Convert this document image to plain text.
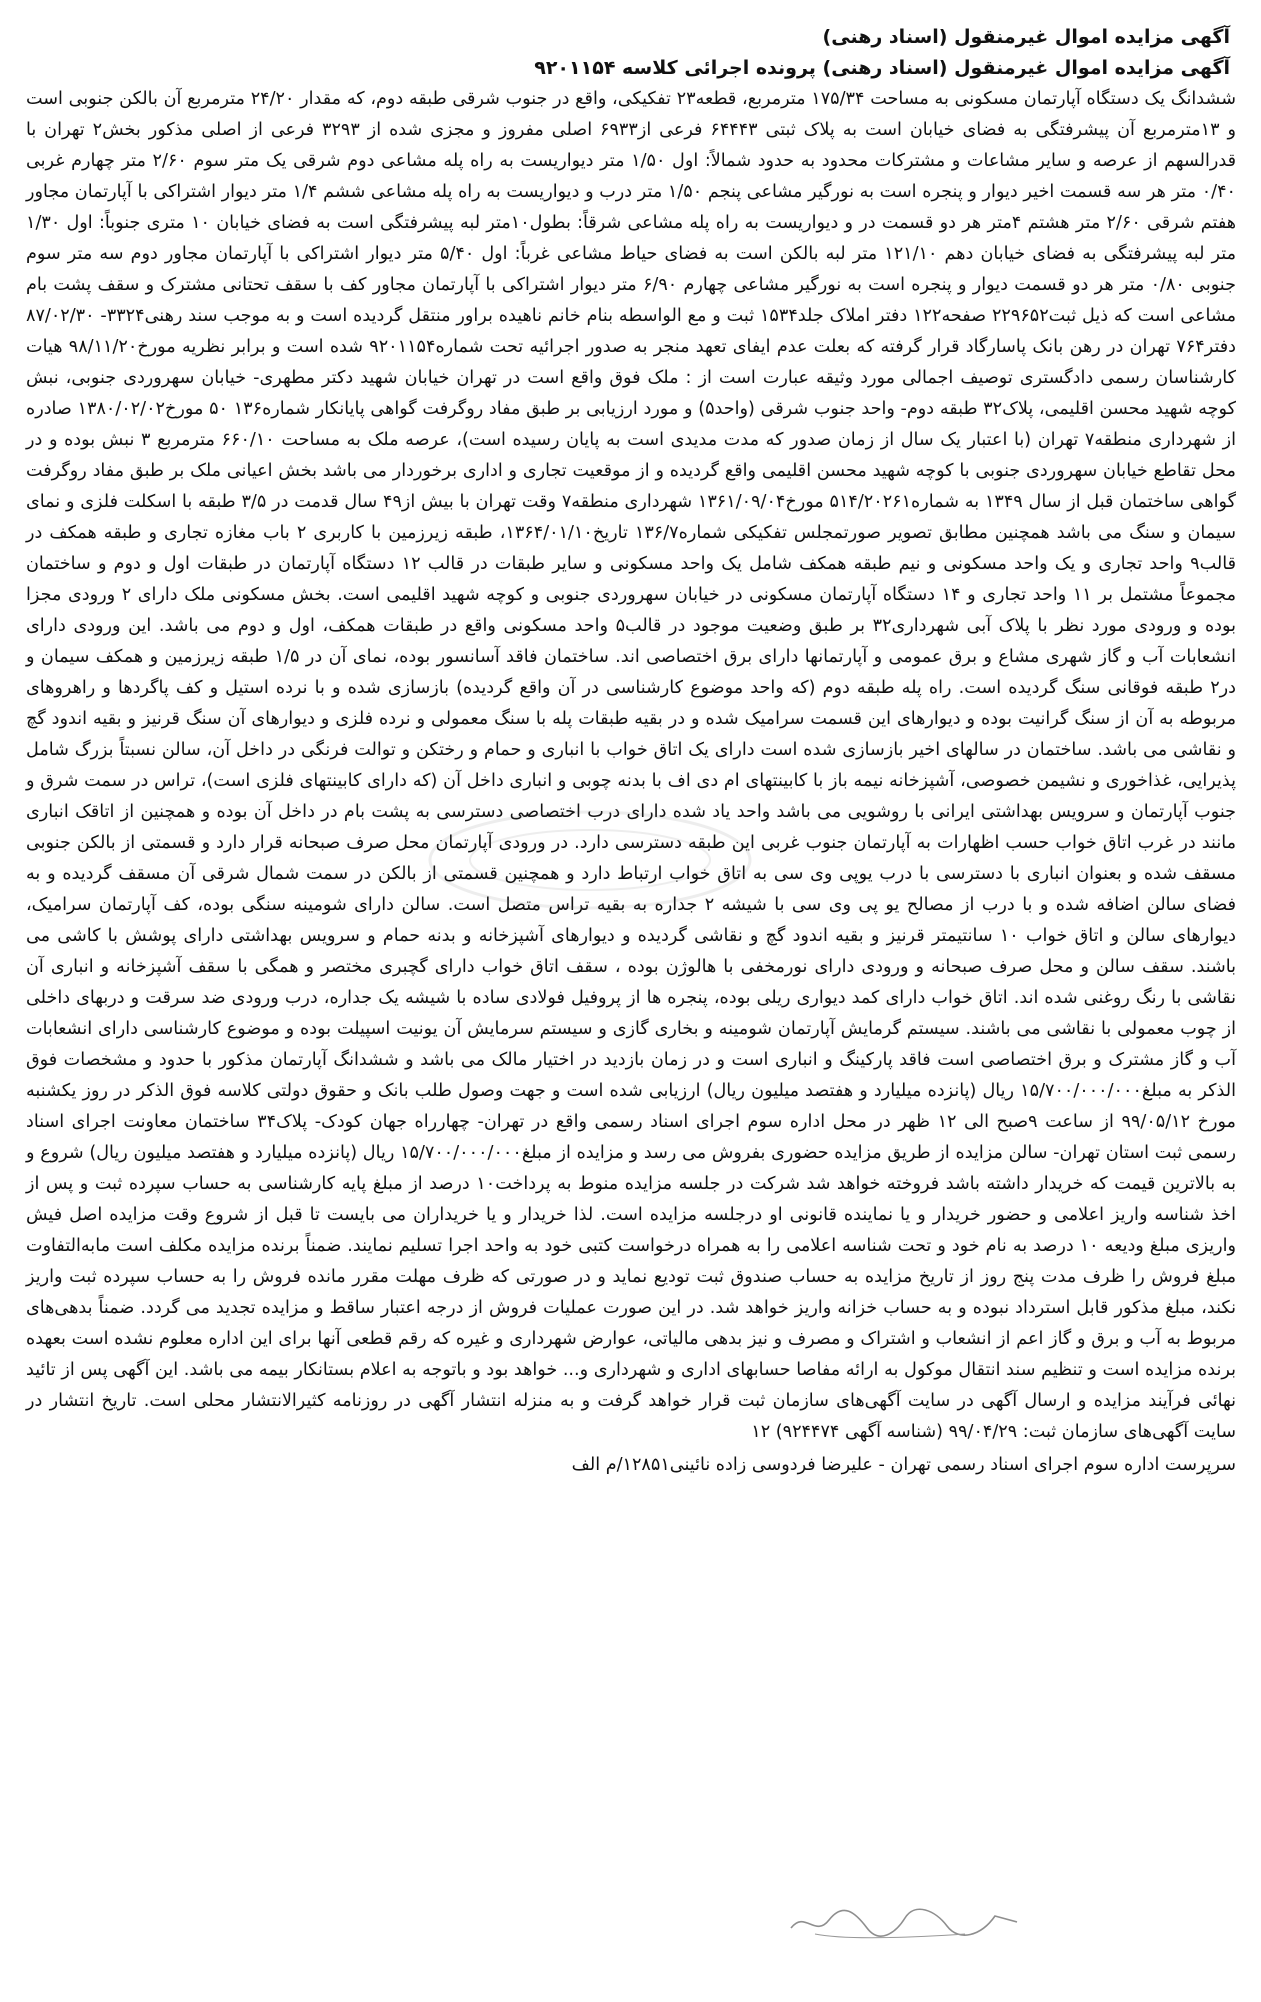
آگهی مزایده اموال غیرمنقول (اسناد رهنی)

آگهی مزایده اموال غیرمنقول (اسناد رهنی) پرونده اجرائی کلاسه ۹۲۰۱۱۵۴

ششدانگ یک دستگاه آپارتمان مسکونی به مساحت ۱۷۵/۳۴ مترمربع، قطعه۲۳ تفکیکی، واقع در جنوب شرقی طبقه دوم، که مقدار ۲۴/۲۰ مترمربع آن بالکن جنوبی است و ۱۳مترمربع آن پیشرفتگی به فضای خیابان است به پلاک ثبتی ۶۴۴۴۳ فرعی از۶۹۳۳ اصلی مفروز و مجزی شده از ۳۲۹۳ فرعی از اصلی مذکور بخش۲ تهران با قدرالسهم از عرصه و سایر مشاعات و مشترکات محدود به حدود شمالاً: اول ۱/۵۰ متر دیواریست به راه پله مشاعی دوم شرقی یک متر سوم ۲/۶۰ متر چهارم غربی ۰/۴۰ متر هر سه قسمت اخیر دیوار و پنجره است به نورگیر مشاعی پنجم ۱/۵۰ متر درب و دیواریست به راه پله مشاعی ششم ۱/۴ متر دیوار اشتراکی با آپارتمان مجاور هفتم شرقی ۲/۶۰ متر هشتم ۴متر هر دو قسمت در و دیواریست به راه پله مشاعی شرقاً: بطول۱۰متر لبه پیشرفتگی است به فضای خیابان ۱۰ متری جنوباً: اول ۱/۳۰ متر لبه پیشرفتگی به فضای خیابان دهم ۱۲۱/۱۰ متر لبه بالکن است به فضای حیاط مشاعی غرباً: اول ۵/۴۰ متر دیوار اشتراکی با آپارتمان مجاور دوم سه متر سوم جنوبی ۰/۸۰ متر هر دو قسمت دیوار و پنجره است به نورگیر مشاعی چهارم ۶/۹۰ متر دیوار اشتراکی با آپارتمان مجاور کف با سقف تحتانی مشترک و سقف پشت بام مشاعی است که ذیل ثبت۲۲۹۶۵۲ صفحه۱۲۲ دفتر املاک جلد۱۵۳۴ ثبت و مع الواسطه بنام خانم ناهیده براور منتقل گردیده است و به موجب سند رهنی۳۳۲۴- ۸۷/۰۲/۳۰ دفتر۷۶۴ تهران در رهن بانک پاسارگاد قرار گرفته که بعلت عدم ایفای تعهد منجر به صدور اجرائیه تحت شماره۹۲۰۱۱۵۴ شده است و برابر نظریه مورخ۹۸/۱۱/۲۰ هیات کارشناسان رسمی دادگستری توصیف اجمالی مورد وثیقه عبارت است از : ملک فوق واقع است در تهران خیابان شهید دکتر مطهری- خیابان سهروردی جنوبی، نبش کوچه شهید محسن اقلیمی، پلاک۳۲ طبقه دوم- واحد جنوب شرقی (واحد۵) و مورد ارزیابی بر طبق مفاد روگرفت گواهی پایانکار شماره۱۳۶ ۵۰ مورخ۱۳۸۰/۰۲/۰۲ صادره از شهرداری منطقه۷ تهران (با اعتبار یک سال از زمان صدور که مدت مدیدی است به پایان رسیده است)، عرصه ملک به مساحت ۶۶۰/۱۰ مترمربع ۳ نبش بوده و در محل تقاطع خیابان سهروردی جنوبی با کوچه شهید محسن اقلیمی واقع گردیده و از موقعیت تجاری و اداری برخوردار می باشد بخش اعیانی ملک بر طبق مفاد روگرفت گواهی ساختمان قبل از سال ۱۳۴۹ به شماره۵۱۴/۲۰۲۶۱ مورخ۱۳۶۱/۰۹/۰۴ شهرداری منطقه۷ وقت تهران با بیش از۴۹ سال قدمت در ۳/۵ طبقه با اسکلت فلزی و نمای سیمان و سنگ می باشد همچنین مطابق تصویر صورتمجلس تفکیکی شماره۱۳۶/۷ تاریخ۱۳۶۴/۰۱/۱۰، طبقه زیرزمین با کاربری ۲ باب مغازه تجاری و طبقه همکف در قالب۹ واحد تجاری و یک واحد مسکونی و نیم طبقه همکف شامل یک واحد مسکونی و سایر طبقات در قالب ۱۲ دستگاه آپارتمان در طبقات اول و دوم و ساختمان مجموعاً مشتمل بر ۱۱ واحد تجاری و ۱۴ دستگاه آپارتمان مسکونی در خیابان سهروردی جنوبی و کوچه شهید اقلیمی است. بخش مسکونی ملک دارای ۲ ورودی مجزا بوده و ورودی مورد نظر با پلاک آبی شهرداری۳۲ بر طبق وضعیت موجود در قالب۵ واحد مسکونی واقع در طبقات همکف، اول و دوم می باشد. این ورودی دارای انشعابات آب و گاز شهری مشاع و برق عمومی و آپارتمانها دارای برق اختصاصی اند. ساختمان فاقد آسانسور بوده، نمای آن در ۱/۵ طبقه زیرزمین و همکف سیمان و در۲ طبقه فوقانی سنگ گردیده است. راه پله طبقه دوم (که واحد موضوع کارشناسی در آن واقع گردیده) بازسازی شده و با نرده استیل و کف پاگردها و راهروهای مربوطه به آن از سنگ گرانیت بوده و دیوارهای این قسمت سرامیک شده و در بقیه طبقات پله با سنگ معمولی و نرده فلزی و دیوارهای آن سنگ قرنیز و بقیه اندود گچ و نقاشی می باشد. ساختمان در سالهای اخیر بازسازی شده است دارای یک اتاق خواب با انباری و حمام و رختکن و توالت فرنگی در داخل آن، سالن نسبتاً بزرگ شامل پذیرایی، غذاخوری و نشیمن خصوصی، آشپزخانه نیمه باز با کابینتهای ام دی اف با بدنه چوبی و انباری داخل آن (که دارای کابینتهای فلزی است)، تراس در سمت شرق و جنوب آپارتمان و سرویس بهداشتی ایرانی با روشویی می باشد واحد یاد شده دارای درب اختصاصی دسترسی به پشت بام در داخل آن بوده و همچنین از اتاقک انباری مانند در غرب اتاق خواب حسب اظهارات به آپارتمان جنوب غربی این طبقه دسترسی دارد. در ورودی آپارتمان محل صرف صبحانه قرار دارد و قسمتی از بالکن جنوبی مسقف شده و بعنوان انباری با دسترسی با درب یوپی وی سی به اتاق خواب ارتباط دارد و همچنین قسمتی از بالکن در سمت شمال شرقی آن مسقف گردیده و به فضای سالن اضافه شده و با درب از مصالح یو پی وی سی با شیشه ۲ جداره به بقیه تراس متصل است. سالن دارای شومینه سنگی بوده، کف آپارتمان سرامیک، دیوارهای سالن و اتاق خواب ۱۰ سانتیمتر قرنیز و بقیه اندود گچ و نقاشی گردیده و دیوارهای آشپزخانه و بدنه حمام و سرویس بهداشتی دارای پوشش با کاشی می باشند. سقف سالن و محل صرف صبحانه و ورودی دارای نورمخفی با هالوژن بوده ، سقف اتاق خواب دارای گچبری مختصر و همگی با سقف آشپزخانه و انباری آن نقاشی با رنگ روغنی شده اند. اتاق خواب دارای کمد دیواری ریلی بوده، پنجره ها از پروفیل فولادی ساده با شیشه یک جداره، درب ورودی ضد سرقت و دربهای داخلی از چوب معمولی با نقاشی می باشند. سیستم گرمایش آپارتمان شومینه و بخاری گازی و سیستم سرمایش آن یونیت اسپیلت بوده و موضوع کارشناسی دارای انشعابات آب و گاز مشترک و برق اختصاصی است فاقد پارکینگ و انباری است و در زمان بازدید در اختیار مالک می باشد و ششدانگ آپارتمان مذکور با حدود و مشخصات فوق الذکر به مبلغ۱۵/۷۰۰/۰۰۰/۰۰۰ ریال (پانزده میلیارد و هفتصد میلیون ریال) ارزیابی شده است و جهت وصول طلب بانک و حقوق دولتی کلاسه فوق الذکر در روز یکشنبه مورخ ۹۹/۰۵/۱۲ از ساعت ۹صبح الی ۱۲ ظهر در محل اداره سوم اجرای اسناد رسمی واقع در تهران- چهارراه جهان کودک- پلاک۳۴ ساختمان معاونت اجرای اسناد رسمی ثبت استان تهران- سالن مزایده از طریق مزایده حضوری بفروش می رسد و مزایده از مبلغ۱۵/۷۰۰/۰۰۰/۰۰۰ ریال (پانزده میلیارد و هفتصد میلیون ریال) شروع و به بالاترین قیمت که خریدار داشته باشد فروخته خواهد شد شرکت در جلسه مزایده منوط به پرداخت۱۰ درصد از مبلغ پایه کارشناسی به حساب سپرده ثبت و پس از اخذ شناسه واریز اعلامی و حضور خریدار و یا نماینده قانونی او درجلسه مزایده است. لذا خریدار و یا خریداران می بایست تا قبل از شروع وقت مزایده اصل فیش واریزی مبلغ ودیعه ۱۰ درصد به نام خود و تحت شناسه اعلامی را به همراه درخواست کتبی خود به واحد اجرا تسلیم نمایند. ضمناً برنده مزایده مکلف است مابه‌التفاوت مبلغ فروش را ظرف مدت پنج روز از تاریخ مزایده به حساب صندوق ثبت تودیع نماید و در صورتی که ظرف مهلت مقرر مانده فروش را به حساب سپرده ثبت واریز نکند، مبلغ مذکور قابل استرداد نبوده و به حساب خزانه واریز خواهد شد. در این صورت عملیات فروش از درجه اعتبار ساقط و مزایده تجدید می گردد. ضمناً بدهی‌های مربوط به آب و برق و گاز اعم از انشعاب و اشتراک و مصرف و نیز بدهی مالیاتی، عوارض شهرداری و غیره که رقم قطعی آنها برای این اداره معلوم نشده است بعهده برنده مزایده است و تنظیم سند انتقال موکول به ارائه مفاصا حسابهای اداری و شهرداری و... خواهد بود و باتوجه به اعلام بستانکار بیمه می باشد. این آگهی پس از تائید نهائی فرآیند مزایده و ارسال آگهی در سایت آگهی‌های سازمان ثبت قرار خواهد گرفت و به منزله انتشار آگهی در روزنامه کثیرالانتشار محلی است. تاریخ انتشار در سایت آگهی‌های سازمان ثبت: ۹۹/۰۴/۲۹ (شناسه آگهی ۹۲۴۴۷۴) ۱۲

سرپرست اداره سوم اجرای اسناد رسمی تهران - علیرضا فردوسی زاده نائینی
۱۲۸۵۱/م الف
